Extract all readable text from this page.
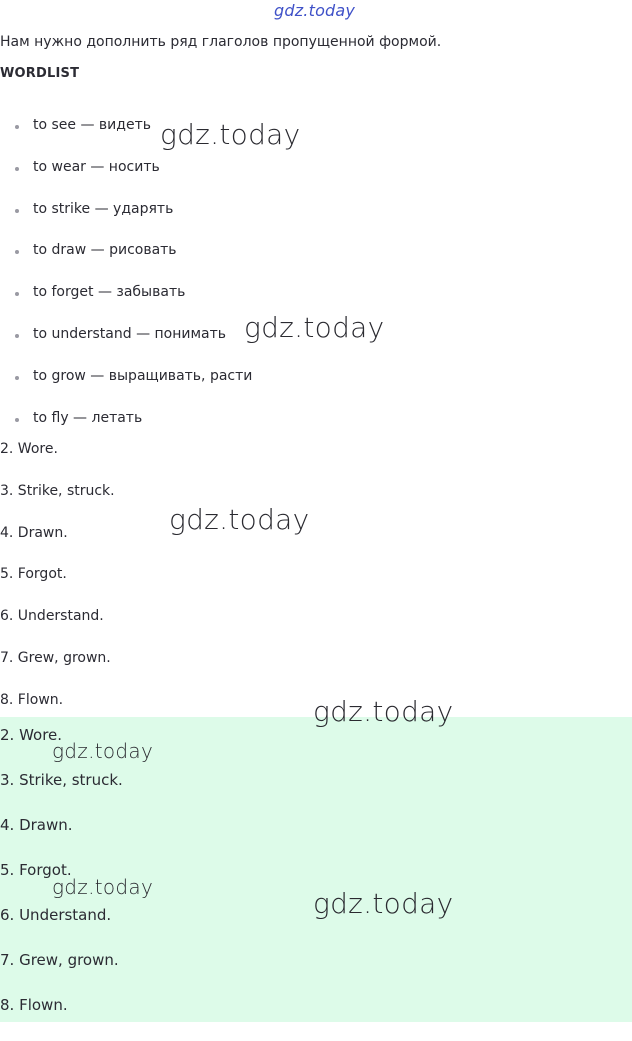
gdz.today
Нам нужно дополнить ряд глаголов пропущенной формой.
WORDLIST
to see — видеть
to wear — носить
to strike — ударять
to draw — рисовать
to forget — забывать
to understand — понимать
to grow — выращивать, расти
to fly — летать
2. Wore.
3. Strike, struck.
4. Drawn.
5. Forgot.
6. Understand.
7. Grew, grown.
8. Flown.
2. Wore.
3. Strike, struck.
4. Drawn.
5. Forgot.
6. Understand.
7. Grew, grown.
8. Flown.
gdz.today
gdz.today
gdz.today
gdz.today
gdz.today
gdz.today	gdz.today
